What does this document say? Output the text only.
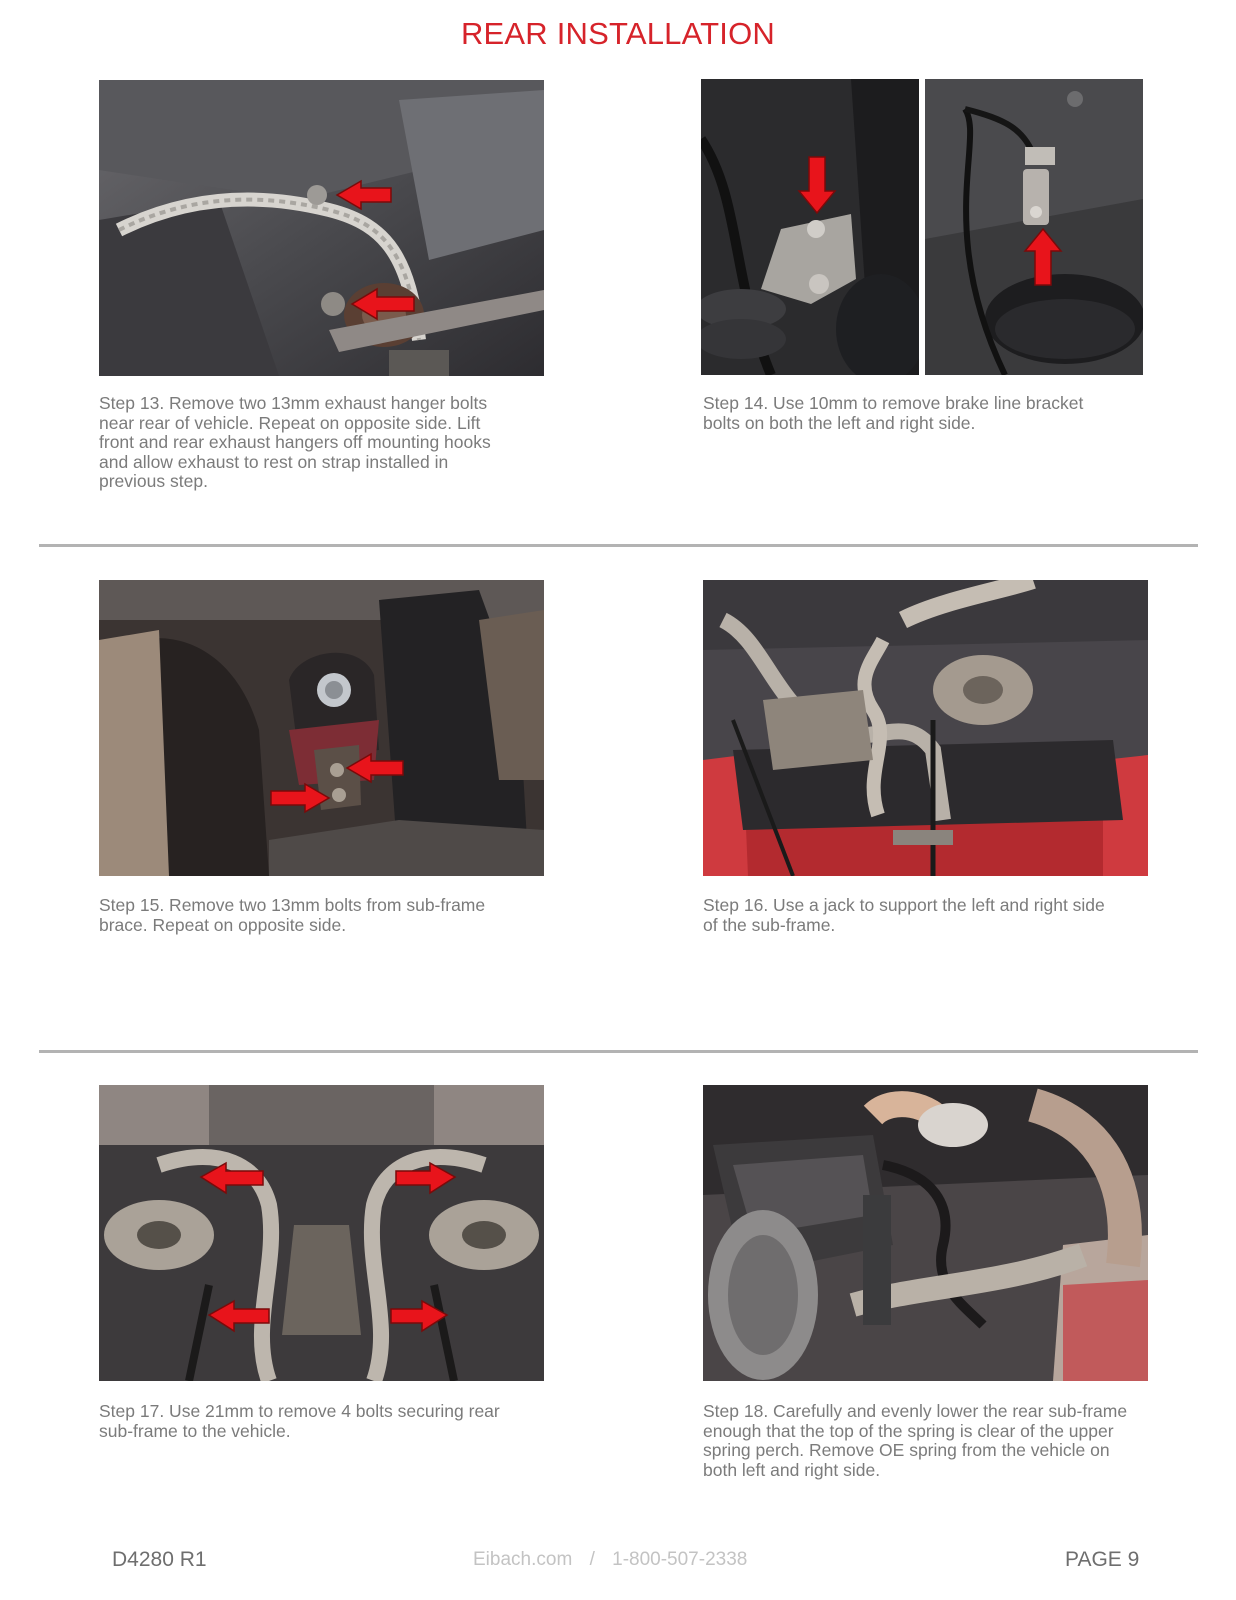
REAR INSTALLATION

Step 13. Remove two 13mm exhaust hanger bolts near rear of vehicle. Repeat on opposite side. Lift front and rear exhaust hangers off mounting hooks and allow exhaust to rest on strap installed in previous step.

Step 14. Use 10mm to remove brake line bracket bolts on both the left and right side.

Step 15. Remove two 13mm bolts from sub-frame brace. Repeat on opposite side.

Step 16. Use a jack to support the left and right side of the sub-frame.

Step 17. Use 21mm to remove 4 bolts securing rear sub-frame to the vehicle.

Step 18. Carefully and evenly lower the rear sub-frame enough that the top of the spring is clear of the upper spring perch. Remove OE spring from the vehicle on both left and right side.

D4280 R1	Eibach.com / 1-800-507-2338	PAGE 9
